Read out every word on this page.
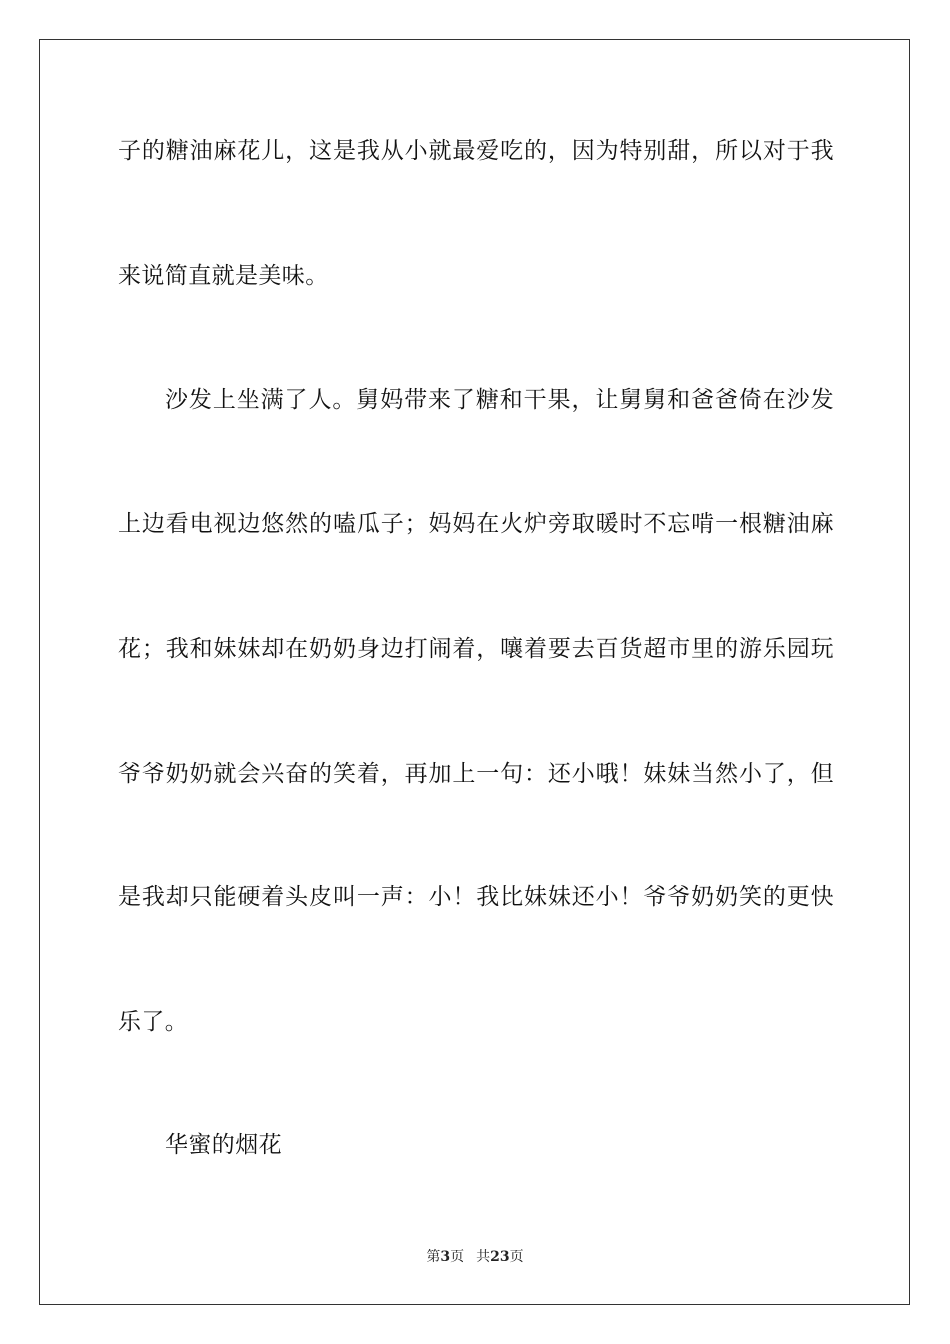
子的糖油麻花儿，这是我从小就最爱吃的，因为特别甜，所以对于我
来说简直就是美味。
沙发上坐满了人。舅妈带来了糖和干果，让舅舅和爸爸倚在沙发
上边看电视边悠然的嗑瓜子；妈妈在火炉旁取暖时不忘啃一根糖油麻
花；我和妹妹却在奶奶身边打闹着，嚷着要去百货超市里的游乐园玩
爷爷奶奶就会兴奋的笑着，再加上一句：还小哦！妹妹当然小了，但
是我却只能硬着头皮叫一声：小！我比妹妹还小！爷爷奶奶笑的更快
乐了。
华蜜的烟花
第3页 共23页
